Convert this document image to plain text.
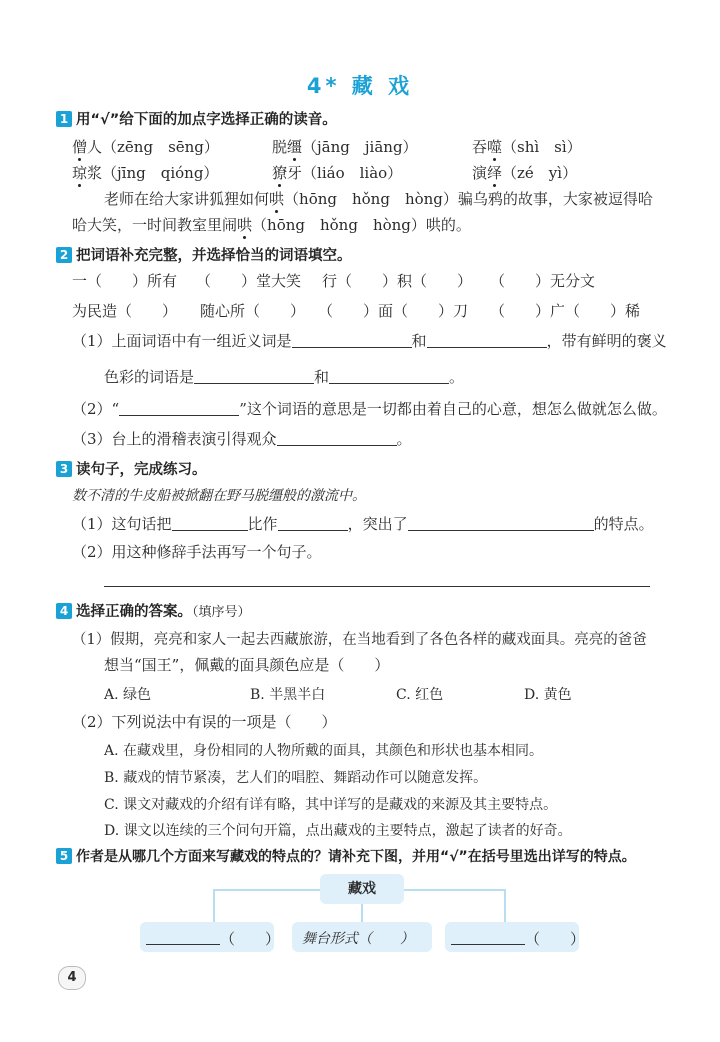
4* 藏 戏
1 用“√”给下面的加点字选择正确的读音。
僧人（zēng　sēng）	脱缰（jāng　jiāng）	吞噬（shì　sì）
琼浆（jīng　qióng）	獠牙（liáo　liào）	演绎（zé　yì）
老师在给大家讲狐狸如何哄（hōng　hǒng　hòng）骗乌鸦的故事，大家被逗得哈
哈大笑，一时间教室里闹哄（hōng　hǒng　hòng）哄的。
2 把词语补充完整，并选择恰当的词语填空。
一（　　）所有 （　　）堂大笑 行（　　）积（　　） （　　）无分文
为民造（　　） 随心所（　　） （　　）面（　　）刀 （　　）广（　　）稀
（1）上面词语中有一组近义词是	和	，带有鲜明的褒义
色彩的词语是	和	。
（2）“	”这个词语的意思是一切都由着自己的心意，想怎么做就怎么做。
（3）台上的滑稽表演引得观众	。
3 读句子，完成练习。
数不清的牛皮船被掀翻在野马脱缰般的激流中。
（1）这句话把	比作	，突出了	的特点。
（2）用这种修辞手法再写一个句子。
4 选择正确的答案。（填序号）
（1）假期，亮亮和家人一起去西藏旅游，在当地看到了各色各样的藏戏面具。亮亮的爸爸
想当“国王”，佩戴的面具颜色应是（　　）
A. 绿色	B. 半黑半白	C. 红色	D. 黄色
（2）下列说法中有误的一项是（　　）
A. 在藏戏里，身份相同的人物所戴的面具，其颜色和形状也基本相同。
B. 藏戏的情节紧凑，艺人们的唱腔、舞蹈动作可以随意发挥。
C. 课文对藏戏的介绍有详有略，其中详写的是藏戏的来源及其主要特点。
D. 课文以连续的三个问句开篇，点出藏戏的主要特点，激起了读者的好奇。
5 作者是从哪几个方面来写藏戏的特点的？请补充下图，并用“√”在括号里选出详写的特点。
藏戏
（　　） 舞台形式（　　）	（　　）
4
